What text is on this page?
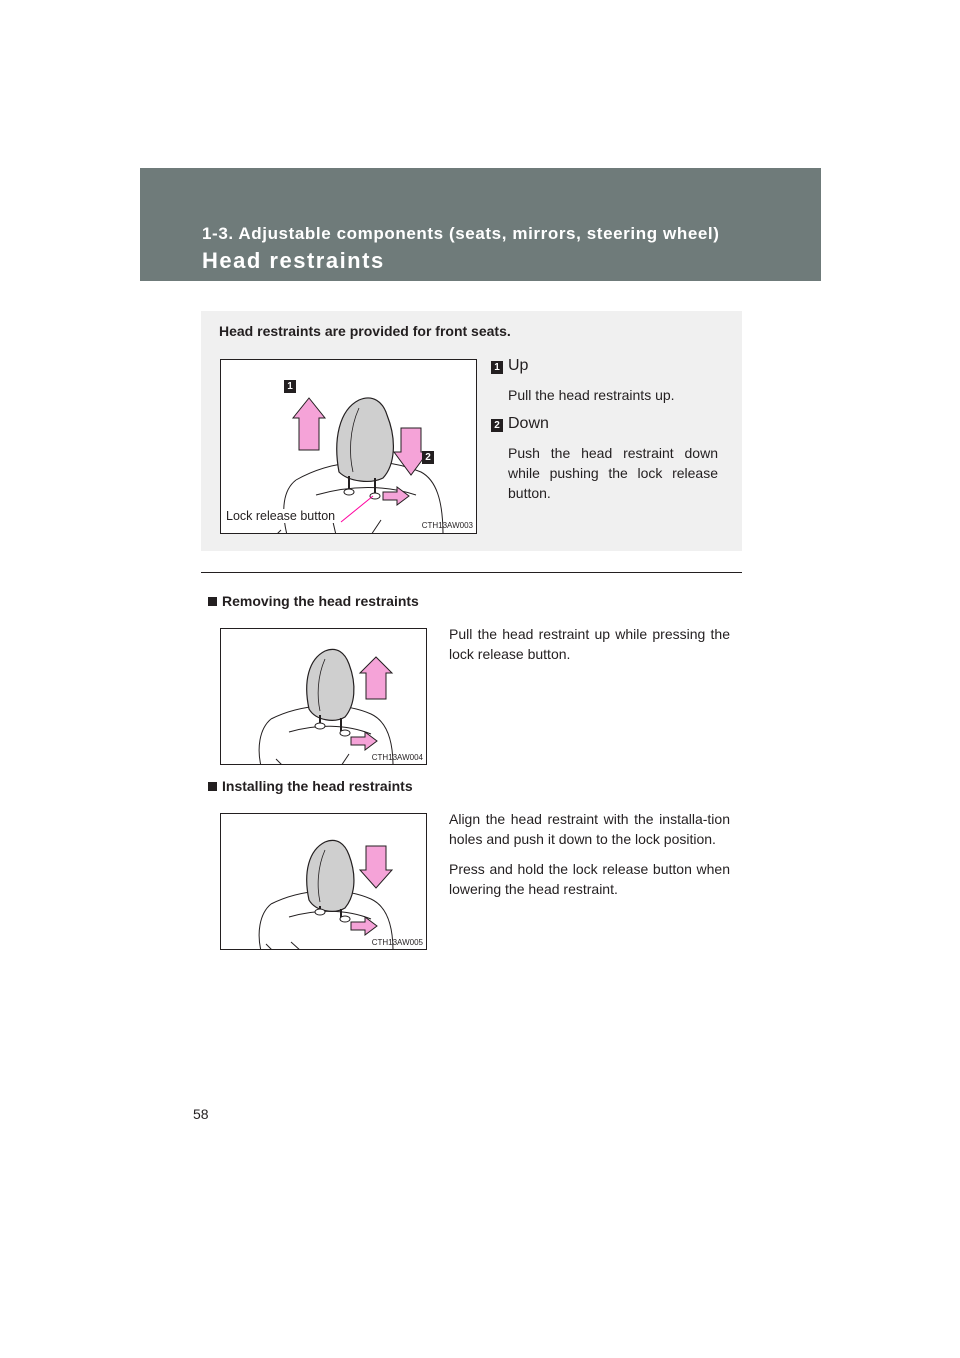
1-3. Adjustable components (seats, mirrors, steering wheel)
Head restraints
Head restraints are provided for front seats.
1
2
Lock release button
CTH13AW003
1 Up
Pull the head restraints up.
2 Down
Push the head restraint down while pushing the lock release button.
Removing the head restraints
CTH13AW004

Pull the head restraint up while pressing the lock release button.

Installing the head restraints
CTH13AW005

Align the head restraint with the installa-tion holes and push it down to the lock position.

Press and hold the lock release button when lowering the head restraint.

58
